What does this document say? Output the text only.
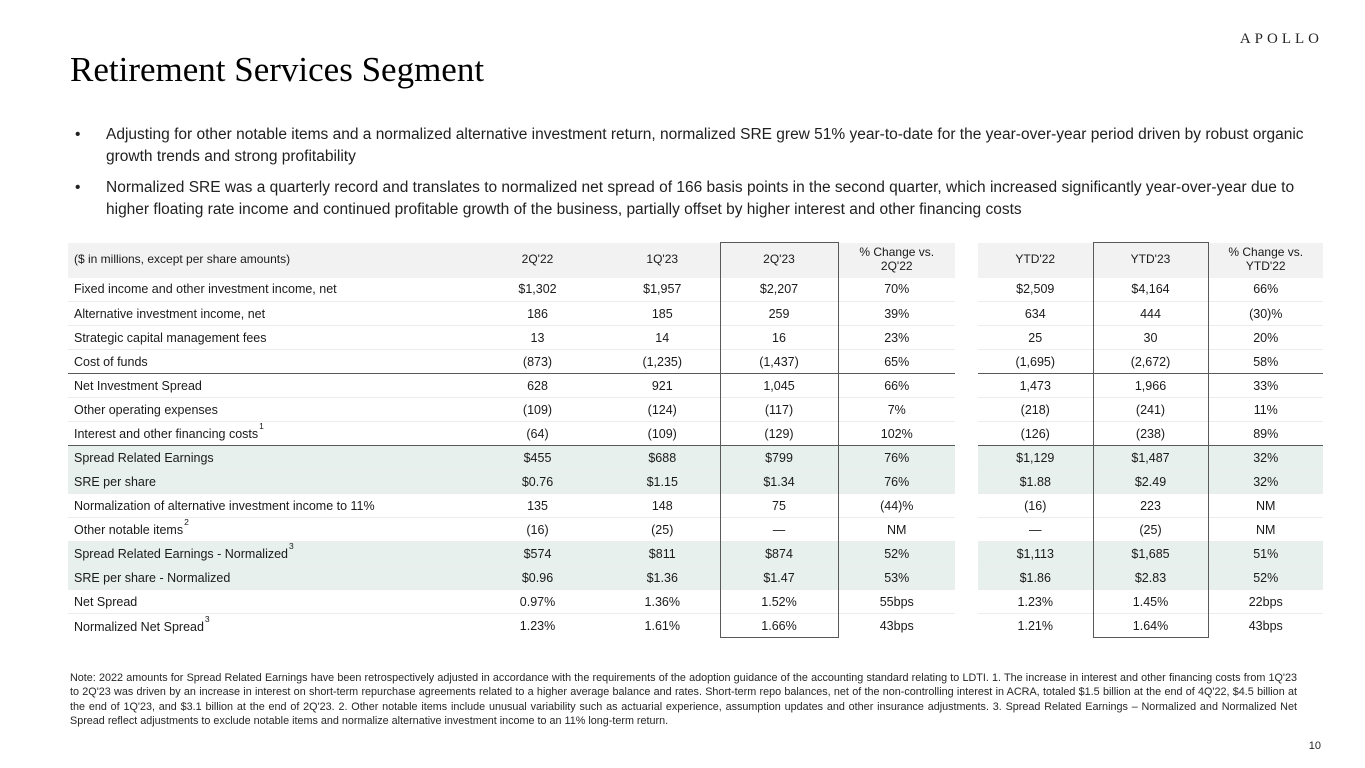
APOLLO
Retirement Services Segment
•	Adjusting for other notable items and a normalized alternative investment return, normalized SRE grew 51% year-to-date for the year-over-year period driven by robust organic growth trends and strong profitability
•	Normalized SRE was a quarterly record and translates to normalized net spread of 166 basis points in the second quarter, which increased significantly year-over-year due to higher floating rate income and continued profitable growth of the business, partially offset by higher interest and other financing costs
($ in millions, except per share amounts)	2Q'22	1Q'23	2Q'23	% Change vs. 2Q'22		YTD'22	YTD'23	% Change vs. YTD'22
Fixed income and other investment income, net	$1,302	$1,957	$2,207	70%		$2,509	$4,164	66%
Alternative investment income, net	186	185	259	39%		634	444	(30)%
Strategic capital management fees	13	14	16	23%		25	30	20%
Cost of funds	(873)	(1,235)	(1,437)	65%		(1,695)	(2,672)	58%
Net Investment Spread	628	921	1,045	66%		1,473	1,966	33%
Other operating expenses	(109)	(124)	(117)	7%		(218)	(241)	11%
Interest and other financing costs$^1$	(64)	(109)	(129)	102%		(126)	(238)	89%
Spread Related Earnings	$455	$688	$799	76%		$1,129	$1,487	32%
SRE per share	$0.76	$1.15	$1.34	76%		$1.88	$2.49	32%
Normalization of alternative investment income to 11%	135	148	75	(44)%		(16)	223	NM
Other notable items$^2$	(16)	(25)	—	NM		—	(25)	NM
Spread Related Earnings - Normalized$^3$	$574	$811	$874	52%		$1,113	$1,685	51%
SRE per share - Normalized	$0.96	$1.36	$1.47	53%		$1.86	$2.83	52%
Net Spread	0.97%	1.36%	1.52%	55bps		1.23%	1.45%	22bps
Normalized Net Spread$^3$	1.23%	1.61%	1.66%	43bps		1.21%	1.64%	43bps

Note: 2022 amounts for Spread Related Earnings have been retrospectively adjusted in accordance with the requirements of the adoption guidance of the accounting standard relating to LDTI. 1. The increase in interest and other financing costs from 1Q'23 to 2Q'23 was driven by an increase in interest on short-term repurchase agreements related to a higher average balance and rates. Short-term repo balances, net of the non-controlling interest in ACRA, totaled $1.5 billion at the end of 4Q'22, $4.5 billion at the end of 1Q'23, and $3.1 billion at the end of 2Q'23. 2. Other notable items include unusual variability such as actuarial experience, assumption updates and other insurance adjustments. 3. Spread Related Earnings – Normalized and Normalized Net Spread reflect adjustments to exclude notable items and normalize alternative investment income to an 11% long-term return.

10
